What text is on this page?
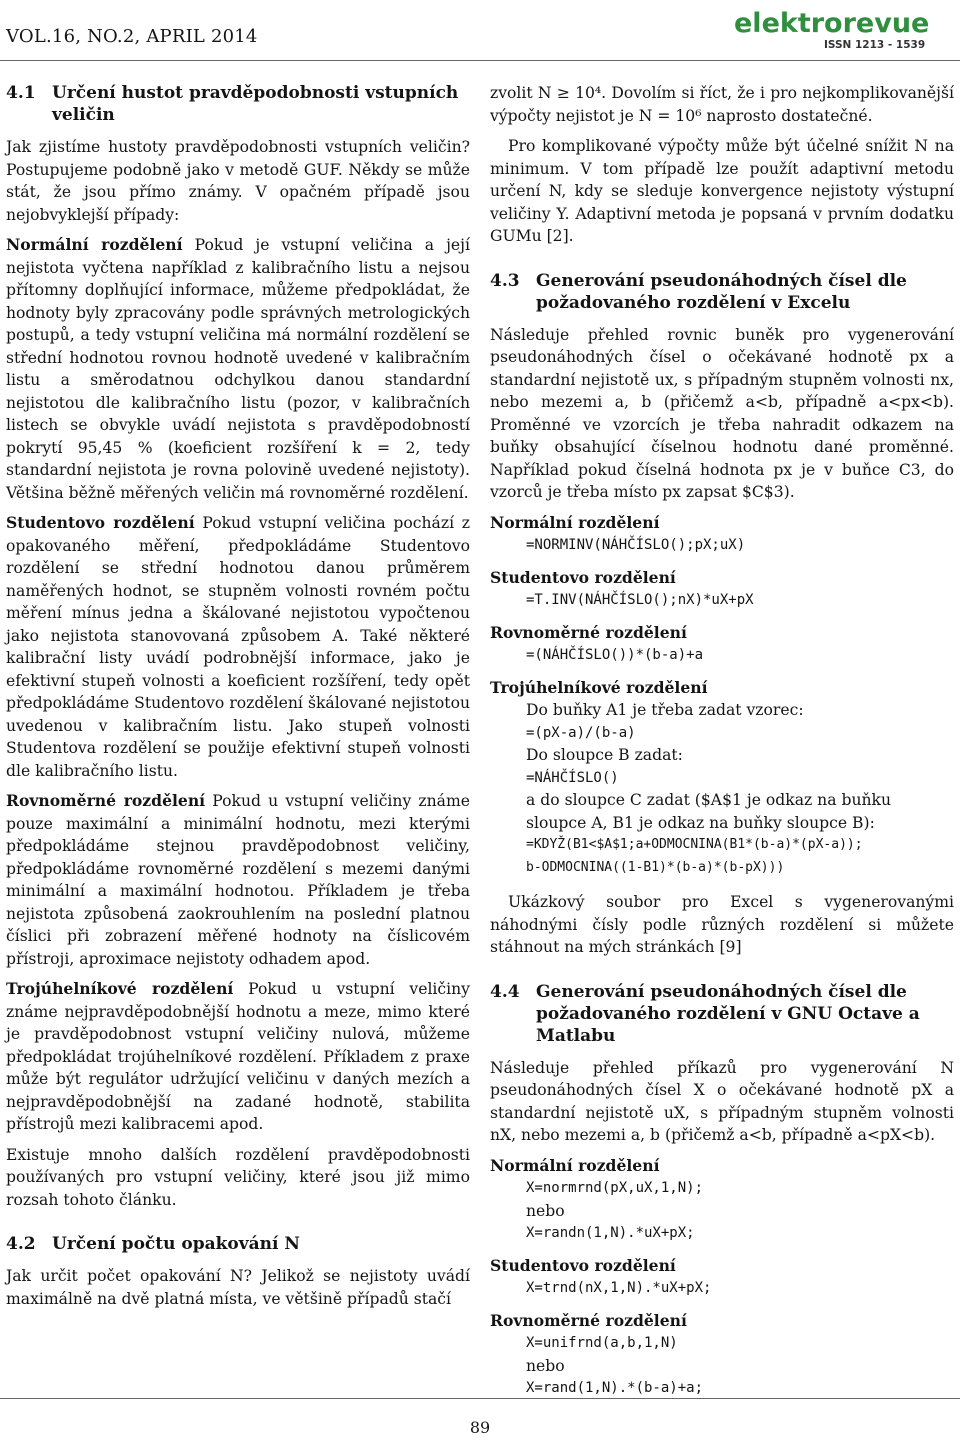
VOL.16, NO.2, APRIL 2014	elektrorevue
ISSN 1213 - 1539
4.1 Určení hustot pravděpodobnosti vstupních veličin

Jak zjistíme hustoty pravděpodobnosti vstupních veličin? Postupujeme podobně jako v metodě GUF. Někdy se může stát, že jsou přímo známy. V opačném případě jsou nejobvyklejší případy:

Normální rozdělení Pokud je vstupní veličina a její nejistota vyčtena například z kalibračního listu a nejsou přítomny doplňující informace, můžeme předpokládat, že hodnoty byly zpracovány podle správných metrologických postupů, a tedy vstupní veličina má normální rozdělení se střední hodnotou rovnou hodnotě uvedené v kalibračním listu a směrodatnou odchylkou danou standardní nejistotou dle kalibračního listu (pozor, v kalibračních listech se obvykle uvádí nejistota s pravděpodobností pokrytí 95,45 % (koeficient rozšíření k = 2, tedy standardní nejistota je rovna polovině uvedené nejistoty). Většina běžně měřených veličin má rovnoměrné rozdělení.
Studentovo rozdělení Pokud vstupní veličina pochází z opakovaného měření, předpokládáme Studentovo rozdělení se střední hodnotou danou průměrem naměřených hodnot, se stupněm volnosti rovném počtu měření mínus jedna a škálované nejistotou vypočtenou jako nejistota stanovovaná způsobem A. Také některé kalibrační listy uvádí podrobnější informace, jako je efektivní stupeň volnosti a koeficient rozšíření, tedy opět předpokládáme Studentovo rozdělení škálované nejistotou uvedenou v kalibračním listu. Jako stupeň volnosti Studentova rozdělení se použije efektivní stupeň volnosti dle kalibračního listu.
Rovnoměrné rozdělení Pokud u vstupní veličiny známe pouze maximální a minimální hodnotu, mezi kterými předpokládáme stejnou pravděpodobnost veličiny, předpokládáme rovnoměrné rozdělení s mezemi danými minimální a maximální hodnotou. Příkladem je třeba nejistota způsobená zaokrouhlením na poslední platnou číslici při zobrazení měřené hodnoty na číslicovém přístroji, aproximace nejistoty odhadem apod.
Trojúhelníkové rozdělení Pokud u vstupní veličiny známe nejpravděpodobnější hodnotu a meze, mimo které je pravděpodobnost vstupní veličiny nulová, můžeme předpokládat trojúhelníkové rozdělení. Příkladem z praxe může být regulátor udržující veličinu v daných mezích a nejpravděpodobnější na zadané hodnotě, stabilita přístrojů mezi kalibracemi apod.

Existuje mnoho dalších rozdělení pravděpodobnosti používaných pro vstupní veličiny, které jsou již mimo rozsah tohoto článku.

4.2 Určení počtu opakování N

Jak určit počet opakování N? Jelikož se nejistoty uvádí maximálně na dvě platná místa, ve většině případů stačí

zvolit N ≥ 10⁴. Dovolím si říct, že i pro nejkomplikovanější výpočty nejistot je N = 10⁶ naprosto dostatečné.

Pro komplikované výpočty může být účelné snížit N na minimum. V tom případě lze použít adaptivní metodu určení N, kdy se sleduje konvergence nejistoty výstupní veličiny Y. Adaptivní metoda je popsaná v prvním dodatku GUMu [2].

4.3 Generování pseudonáhodných čísel dle požadovaného rozdělení v Excelu

Následuje přehled rovnic buněk pro vygenerování pseudonáhodných čísel o očekávané hodnotě px a standardní nejistotě ux, s případným stupněm volnosti nx, nebo mezemi a, b (přičemž a<b, případně a<px<b). Proměnné ve vzorcích je třeba nahradit odkazem na buňky obsahující číselnou hodnotu dané proměnné. Například pokud číselná hodnota px je v buňce C3, do vzorců je třeba místo px zapsat $C$3).

Normální rozdělení
=NORMINV(NÁHČÍSLO();pX;uX)
Studentovo rozdělení
=T.INV(NÁHČÍSLO();nX)*uX+pX
Rovnoměrné rozdělení
=(NÁHČÍSLO())*(b-a)+a
Trojúhelníkové rozdělení
Do buňky A1 je třeba zadat vzorec:
=(pX-a)/(b-a)
Do sloupce B zadat:
=NÁHČÍSLO()
a do sloupce C zadat ($A$1 je odkaz na buňku sloupce A, B1 je odkaz na buňky sloupce B):
=KDYŽ(B1<$A$1;a+ODMOCNINA(B1*(b-a)*(pX-a));
b-ODMOCNINA((1-B1)*(b-a)*(b-pX)))

Ukázkový soubor pro Excel s vygenerovanými náhodnými čísly podle různých rozdělení si můžete stáhnout na mých stránkách [9]

4.4 Generování pseudonáhodných čísel dle požadovaného rozdělení v GNU Octave a Matlabu

Následuje přehled příkazů pro vygenerování N pseudonáhodných čísel X o očekávané hodnotě pX a standardní nejistotě uX, s případným stupněm volnosti nX, nebo mezemi a, b (přičemž a<b, případně a<pX<b).

Normální rozdělení
X=normrnd(pX,uX,1,N);
nebo
X=randn(1,N).*uX+pX;
Studentovo rozdělení
X=trnd(nX,1,N).*uX+pX;
Rovnoměrné rozdělení
X=unifrnd(a,b,1,N)
nebo
X=rand(1,N).*(b-a)+a;
89
